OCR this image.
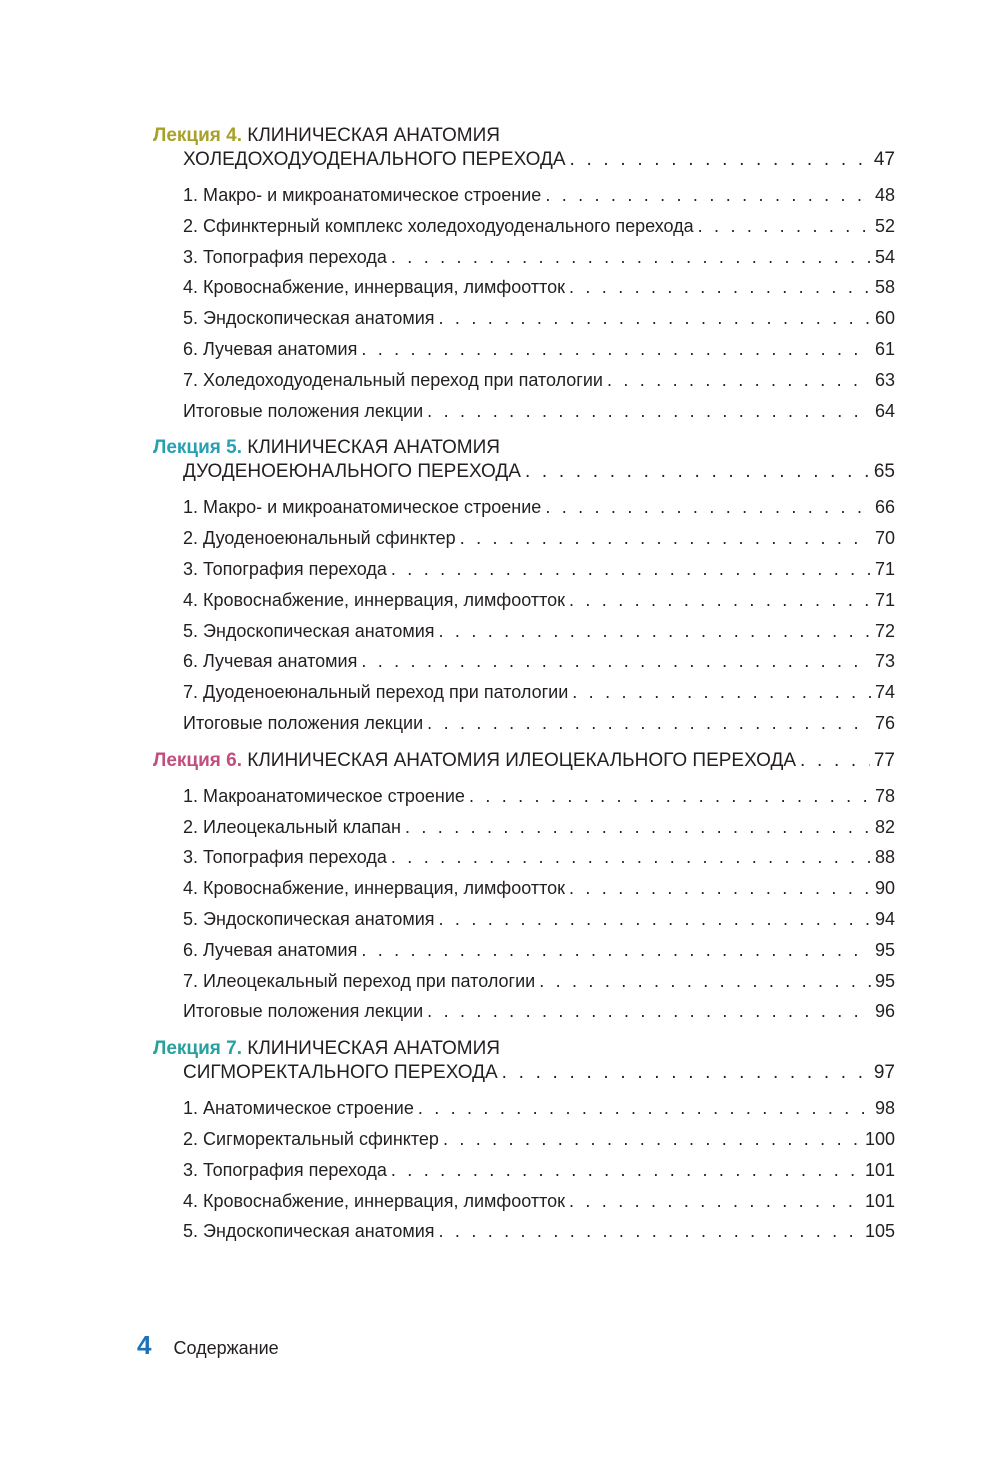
Лекция 4. КЛИНИЧЕСКАЯ АНАТОМИЯ
ХОЛЕДОХОДУОДЕНАЛЬНОГО ПЕРЕХОДА . . .	47
1. Макро- и микроанатомическое строение . . .	48
2. Сфинктерный комплекс холедоходуоденального перехода . . .	52
3. Топография перехода . . .	54
4. Кровоснабжение, иннервация, лимфоотток . . .	58
5. Эндоскопическая анатомия . . .	60
6. Лучевая анатомия . . .	61
7. Холедоходуоденальный переход при патологии . . .	63
Итоговые положения лекции . . .	64
Лекция 5. КЛИНИЧЕСКАЯ АНАТОМИЯ
ДУОДЕНОЕЮНАЛЬНОГО ПЕРЕХОДА . . .	65
1. Макро- и микроанатомическое строение . . .	66
2. Дуоденоеюнальный сфинктер . . .	70
3. Топография перехода . . .	71
4. Кровоснабжение, иннервация, лимфоотток . . .	71
5. Эндоскопическая анатомия . . .	72
6. Лучевая анатомия . . .	73
7. Дуоденоеюнальный переход при патологии . . .	74
Итоговые положения лекции . . .	76
Лекция 6. КЛИНИЧЕСКАЯ АНАТОМИЯ ИЛЕОЦЕКАЛЬНОГО ПЕРЕХОДА . . .	77
1. Макроанатомическое строение . . .	78
2. Илеоцекальный клапан . . .	82
3. Топография перехода . . .	88
4. Кровоснабжение, иннервация, лимфоотток . . .	90
5. Эндоскопическая анатомия . . .	94
6. Лучевая анатомия . . .	95
7. Илеоцекальный переход при патологии . . .	95
Итоговые положения лекции . . .	96
Лекция 7. КЛИНИЧЕСКАЯ АНАТОМИЯ
СИГМОРЕКТАЛЬНОГО ПЕРЕХОДА . . .	97
1. Анатомическое строение . . .	98
2. Сигморектальный сфинктер . . .	100
3. Топография перехода . . .	101
4. Кровоснабжение, иннервация, лимфоотток . . .	101
5. Эндоскопическая анатомия . . .	105
4 Содержание
